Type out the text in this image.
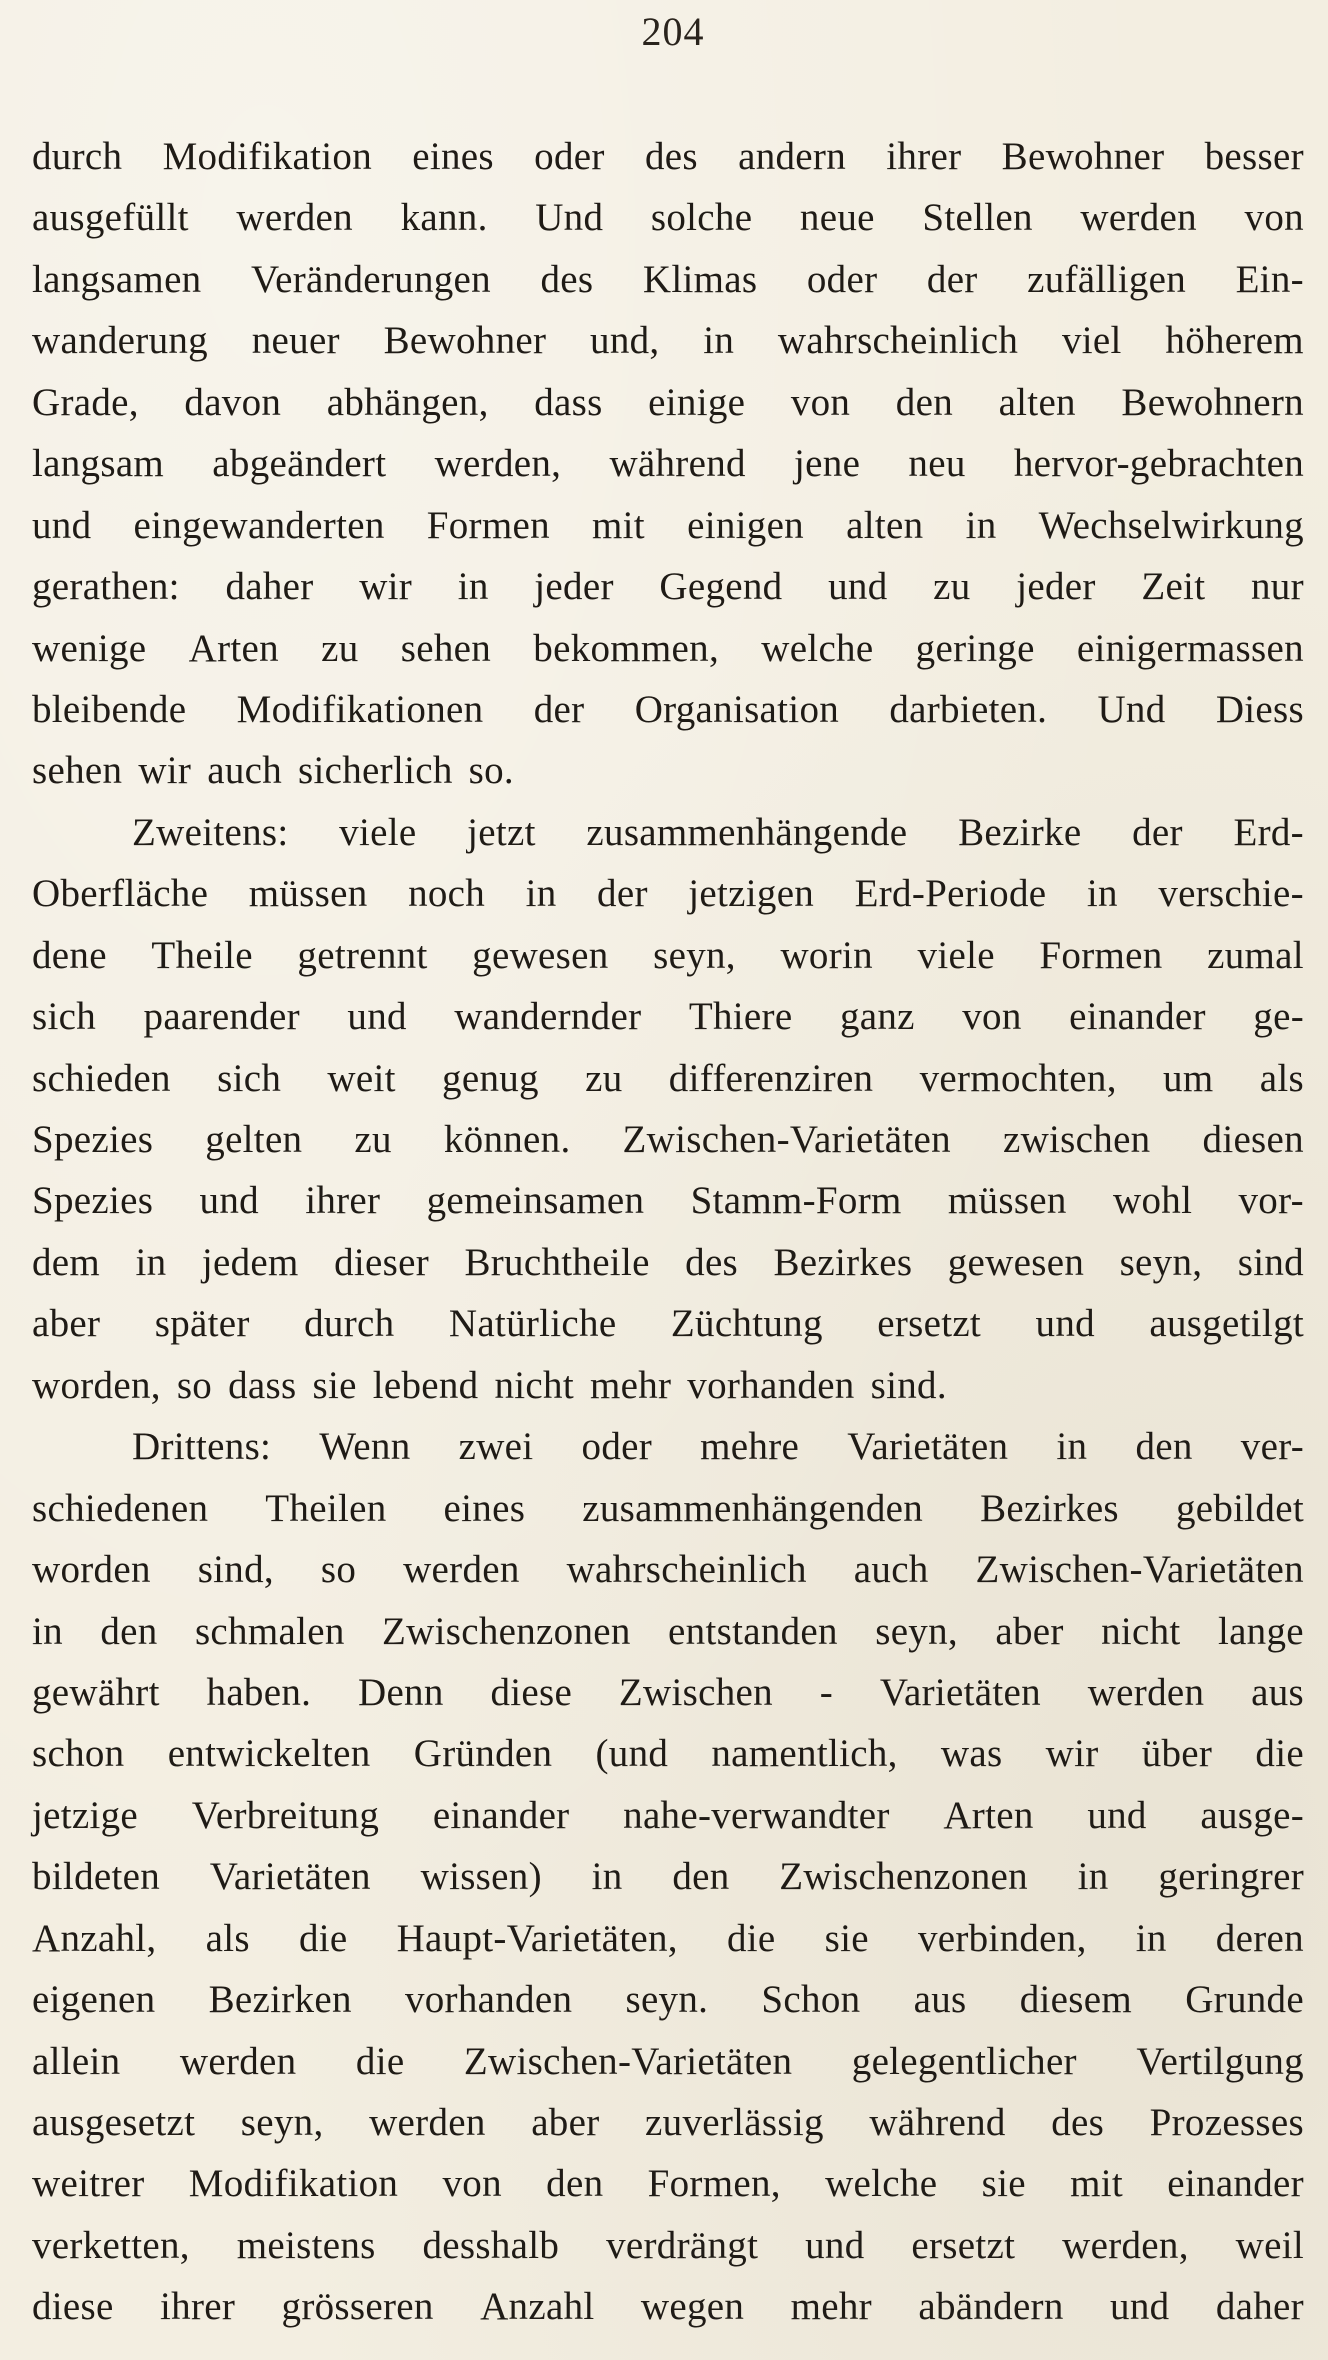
204
durch Modifikation eines oder des andern ihrer Bewohner besser
ausgefüllt werden kann. Und solche neue Stellen werden von
langsamen Veränderungen des Klimas oder der zufälligen Ein-
wanderung neuer Bewohner und, in wahrscheinlich viel höherem
Grade, davon abhängen, dass einige von den alten Bewohnern
langsam abgeändert werden, während jene neu hervor-gebrachten
und eingewanderten Formen mit einigen alten in Wechselwirkung
gerathen: daher wir in jeder Gegend und zu jeder Zeit nur
wenige Arten zu sehen bekommen, welche geringe einigermassen
bleibende Modifikationen der Organisation darbieten. Und Diess
sehen wir auch sicherlich so.
Zweitens: viele jetzt zusammenhängende Bezirke der Erd-
Oberfläche müssen noch in der jetzigen Erd-Periode in verschie-
dene Theile getrennt gewesen seyn, worin viele Formen zumal
sich paarender und wandernder Thiere ganz von einander ge-
schieden sich weit genug zu differenziren vermochten, um als
Spezies gelten zu können. Zwischen-Varietäten zwischen diesen
Spezies und ihrer gemeinsamen Stamm-Form müssen wohl vor-
dem in jedem dieser Bruchtheile des Bezirkes gewesen seyn, sind
aber später durch Natürliche Züchtung ersetzt und ausgetilgt
worden, so dass sie lebend nicht mehr vorhanden sind.
Drittens: Wenn zwei oder mehre Varietäten in den ver-
schiedenen Theilen eines zusammenhängenden Bezirkes gebildet
worden sind, so werden wahrscheinlich auch Zwischen-Varietäten
in den schmalen Zwischenzonen entstanden seyn, aber nicht lange
gewährt haben. Denn diese Zwischen - Varietäten werden aus
schon entwickelten Gründen (und namentlich, was wir über die
jetzige Verbreitung einander nahe-verwandter Arten und ausge-
bildeten Varietäten wissen) in den Zwischenzonen in geringrer
Anzahl, als die Haupt-Varietäten, die sie verbinden, in deren
eigenen Bezirken vorhanden seyn. Schon aus diesem Grunde
allein werden die Zwischen-Varietäten gelegentlicher Vertilgung
ausgesetzt seyn, werden aber zuverlässig während des Prozesses
weitrer Modifikation von den Formen, welche sie mit einander
verketten, meistens desshalb verdrängt und ersetzt werden, weil
diese ihrer grösseren Anzahl wegen mehr abändern und daher
